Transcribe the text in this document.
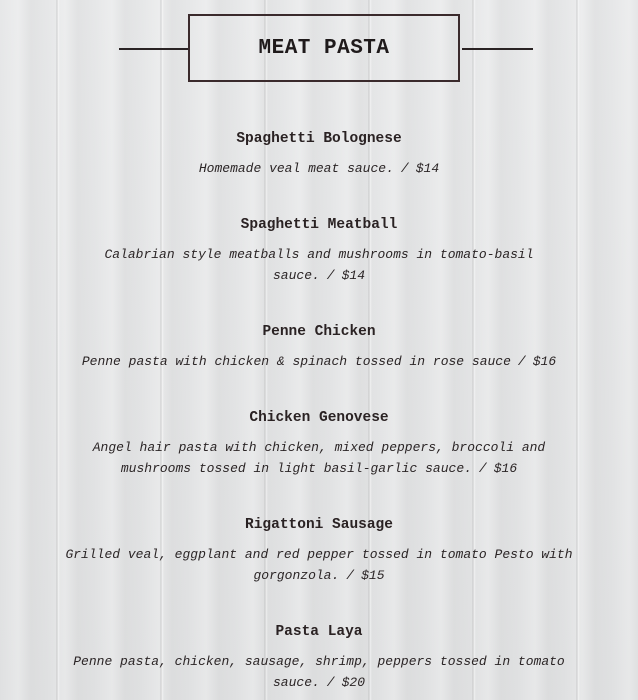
MEAT PASTA
Spaghetti Bolognese
Homemade veal meat sauce. / $14
Spaghetti Meatball
Calabrian style meatballs and mushrooms in tomato-basil sauce. / $14
Penne Chicken
Penne pasta with chicken & spinach tossed in rose sauce / $16
Chicken Genovese
Angel hair pasta with chicken, mixed peppers, broccoli and mushrooms tossed in light basil-garlic sauce. / $16
Rigattoni Sausage
Grilled veal, eggplant and red pepper tossed in tomato Pesto with gorgonzola. / $15
Pasta Laya
Penne pasta, chicken, sausage, shrimp, peppers tossed in tomato sauce. / $20
